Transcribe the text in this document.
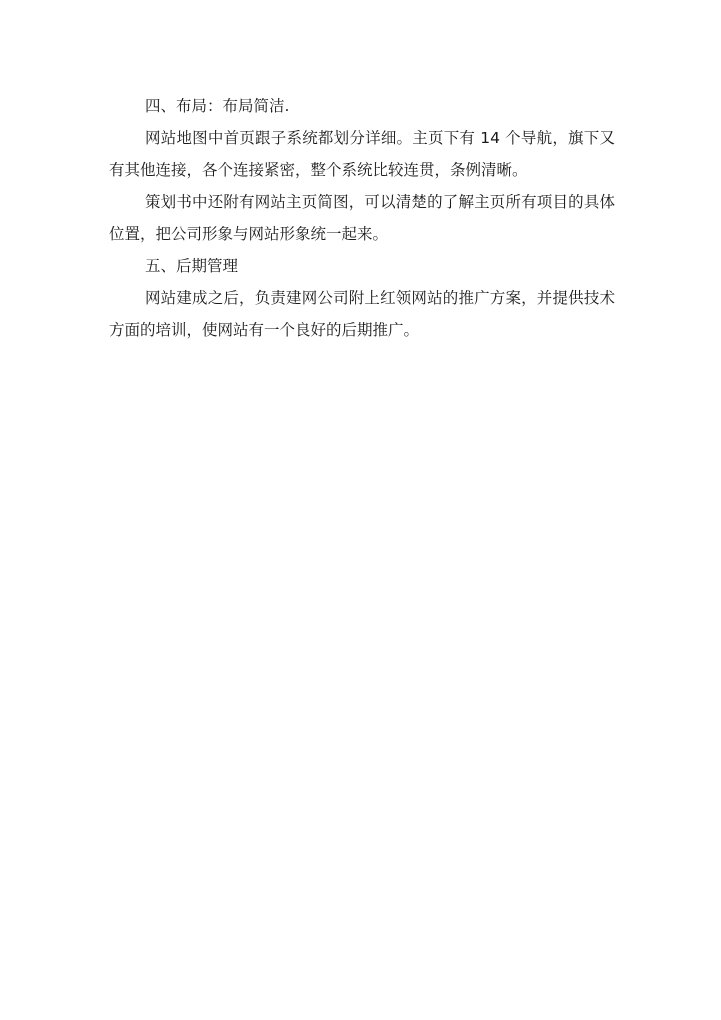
四、布局：布局简洁.

网站地图中首页跟子系统都划分详细。主页下有 14 个导航，旗下又有其他连接，各个连接紧密，整个系统比较连贯，条例清晰。

策划书中还附有网站主页简图，可以清楚的了解主页所有项目的具体位置，把公司形象与网站形象统一起来。

五、后期管理

网站建成之后，负责建网公司附上红领网站的推广方案，并提供技术方面的培训，使网站有一个良好的后期推广。
